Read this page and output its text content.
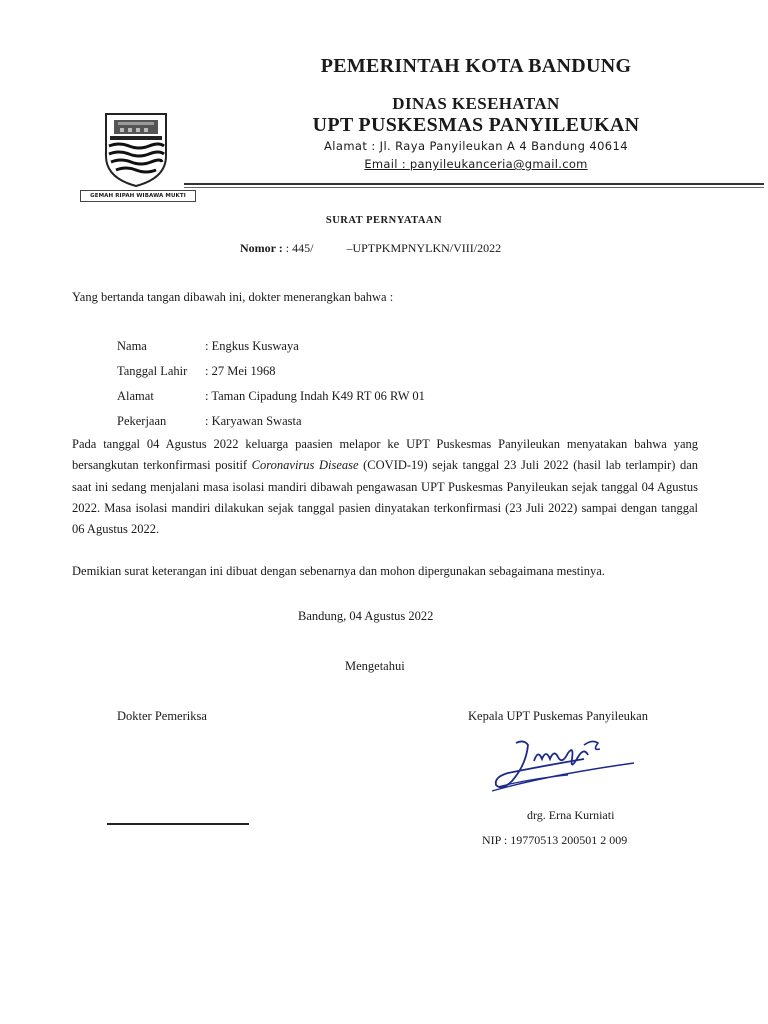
PEMERINTAH KOTA BANDUNG
DINAS KESEHATAN
UPT PUSKESMAS PANYILEUKAN
Alamat : Jl. Raya Panyileukan A 4 Bandung 40614
Email : panyileukanceria@gmail.com
GEMAH RIPAH WIBAWA MUKTI
SURAT PERNYATAAN
Nomor : : 445/	–UPTPKMPNYLKN/VIII/2022
Yang bertanda tangan dibawah ini, dokter menerangkan bahwa :
Nama	: Engkus Kuswaya
Tanggal Lahir : 27 Mei 1968
Alamat	: Taman Cipadung Indah K49 RT 06 RW 01
Pekerjaan	: Karyawan Swasta
Pada tanggal 04 Agustus 2022 keluarga paasien melapor ke UPT Puskesmas Panyileukan menyatakan bahwa yang bersangkutan terkonfirmasi positif Coronavirus Disease (COVID-19) sejak tanggal 23 Juli 2022 (hasil lab terlampir) dan saat ini sedang menjalani masa isolasi mandiri dibawah pengawasan UPT Puskesmas Panyileukan sejak tanggal 04 Agustus 2022. Masa isolasi mandiri dilakukan sejak tanggal pasien dinyatakan terkonfirmasi (23 Juli 2022) sampai dengan tanggal 06 Agustus 2022.
Demikian surat keterangan ini dibuat dengan sebenarnya dan mohon dipergunakan sebagaimana mestinya.
Bandung, 04 Agustus 2022
Mengetahui
Dokter Pemeriksa	Kepala UPT Puskemas Panyileukan
drg. Erna Kurniati
NIP : 19770513 200501 2 009
